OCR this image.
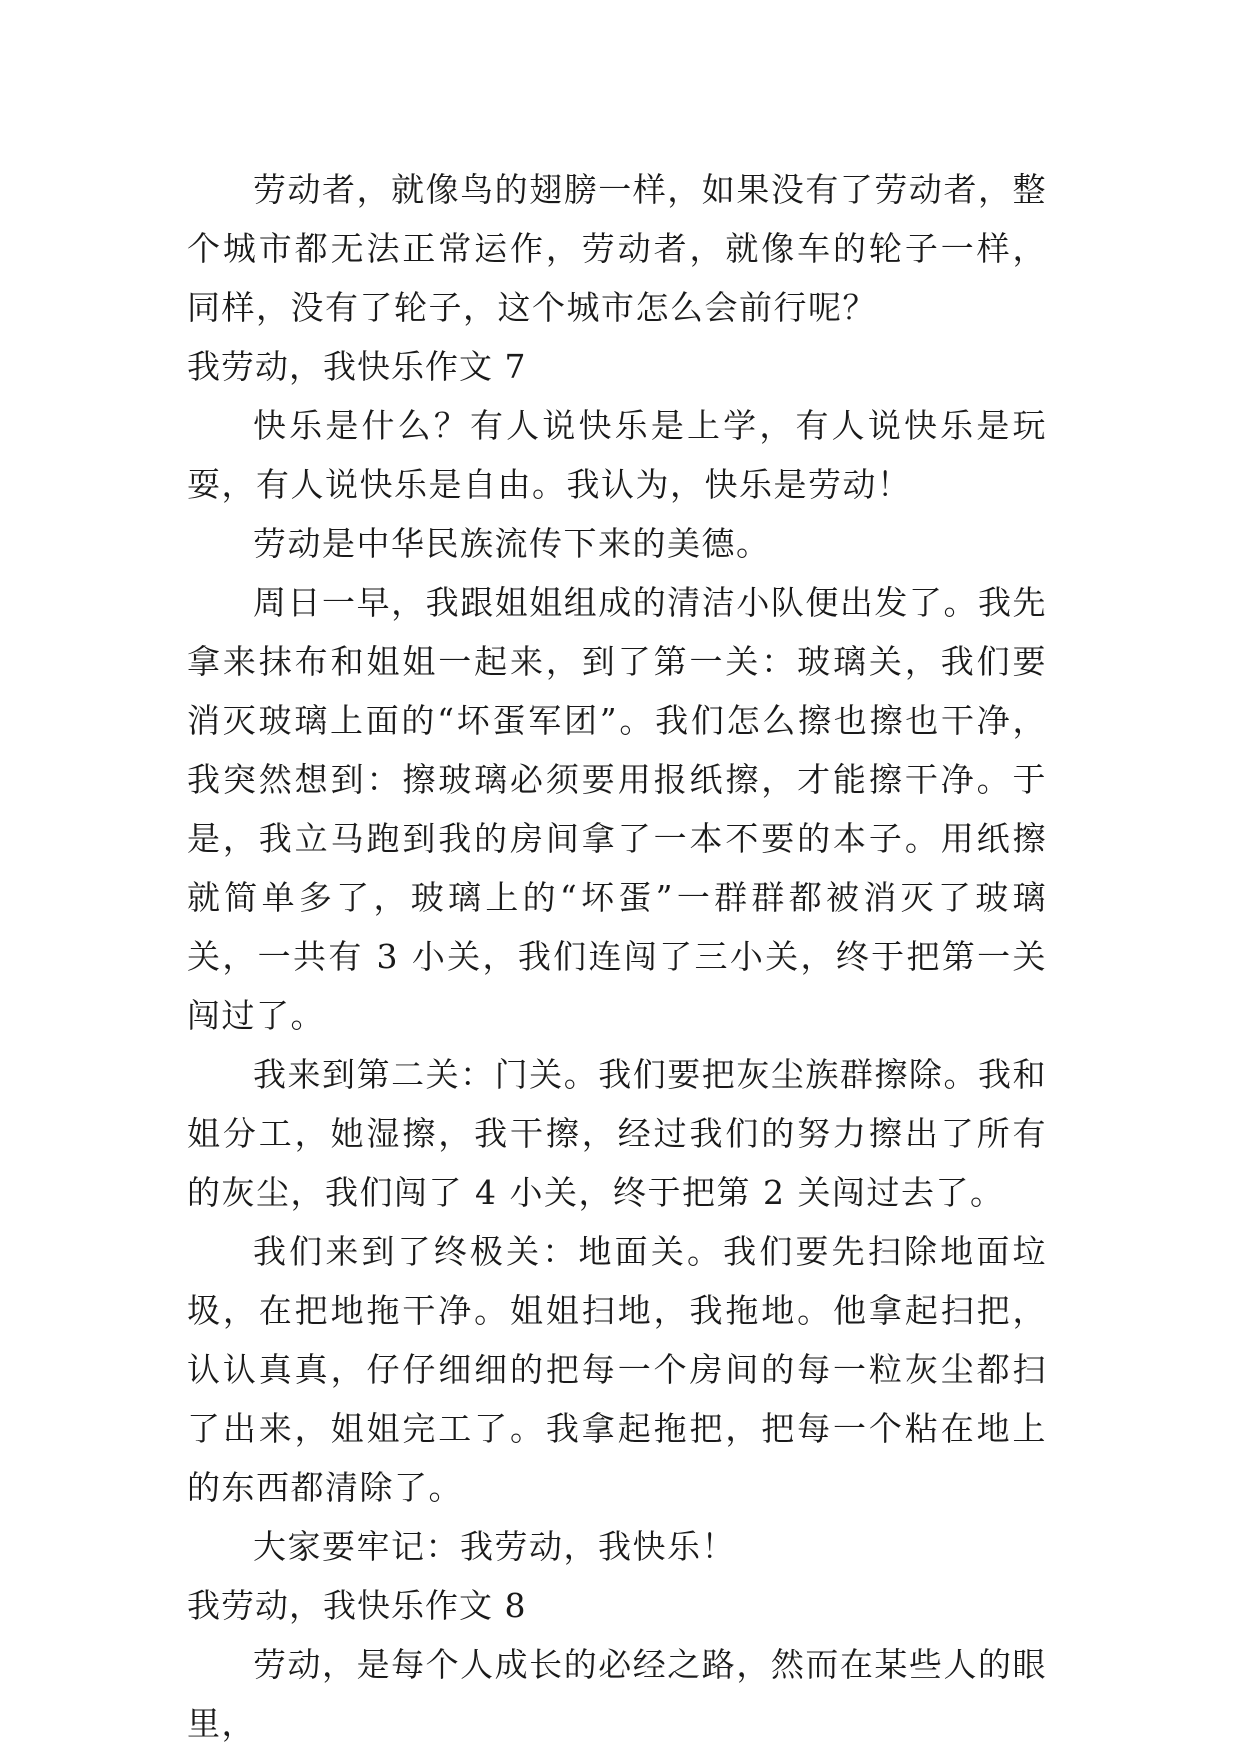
劳动者，就像鸟的翅膀一样，如果没有了劳动者，整个城市都无法正常运作，劳动者，就像车的轮子一样，同样，没有了轮子，这个城市怎么会前行呢？

我劳动，我快乐作文 7

快乐是什么？有人说快乐是上学，有人说快乐是玩耍，有人说快乐是自由。我认为，快乐是劳动！

劳动是中华民族流传下来的美德。

周日一早，我跟姐姐组成的清洁小队便出发了。我先拿来抹布和姐姐一起来，到了第一关：玻璃关，我们要消灭玻璃上面的“坏蛋军团”。我们怎么擦也擦也干净，我突然想到：擦玻璃必须要用报纸擦，才能擦干净。于是，我立马跑到我的房间拿了一本不要的本子。用纸擦就简单多了，玻璃上的“坏蛋”一群群都被消灭了玻璃关，一共有 3 小关，我们连闯了三小关，终于把第一关闯过了。

我来到第二关：门关。我们要把灰尘族群擦除。我和姐分工，她湿擦，我干擦，经过我们的努力擦出了所有的灰尘，我们闯了 4 小关，终于把第 2 关闯过去了。

我们来到了终极关：地面关。我们要先扫除地面垃圾，在把地拖干净。姐姐扫地，我拖地。他拿起扫把，认认真真，仔仔细细的把每一个房间的每一粒灰尘都扫了出来，姐姐完工了。我拿起拖把，把每一个粘在地上的东西都清除了。

大家要牢记：我劳动，我快乐！

我劳动，我快乐作文 8

劳动，是每个人成长的必经之路，然而在某些人的眼里，
